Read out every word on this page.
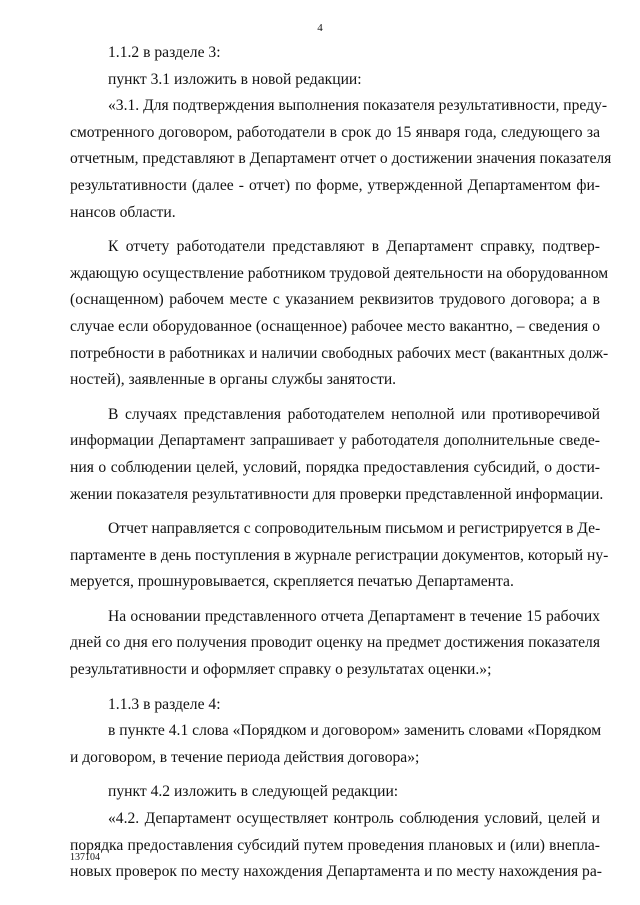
4
1.1.2 в разделе 3:
пункт 3.1 изложить в новой редакции:
«3.1. Для подтверждения выполнения показателя результативности, преду-
смотренного договором, работодатели в срок до 15 января года, следующего за
отчетным, представляют в Департамент отчет о достижении значения показателя
результативности (далее - отчет) по форме, утвержденной Департаментом фи-
нансов области.
К отчету работодатели представляют в Департамент справку, подтвер-
ждающую осуществление работником трудовой деятельности на оборудованном
(оснащенном) рабочем месте с указанием реквизитов трудового договора; а в
случае если оборудованное (оснащенное) рабочее место вакантно, – сведения о
потребности в работниках и наличии свободных рабочих мест (вакантных долж-
ностей), заявленные в органы службы занятости.
В случаях представления работодателем неполной или противоречивой
информации Департамент запрашивает у работодателя дополнительные сведе-
ния о соблюдении целей, условий, порядка предоставления субсидий, о дости-
жении показателя результативности для проверки представленной информации.
Отчет направляется с сопроводительным письмом и регистрируется в Де-
партаменте в день поступления в журнале регистрации документов, который ну-
меруется, прошнуровывается, скрепляется печатью Департамента.
На основании представленного отчета Департамент в течение 15 рабочих
дней со дня его получения проводит оценку на предмет достижения показателя
результативности и оформляет справку о результатах оценки.»;
1.1.3 в разделе 4:
в пункте 4.1 слова «Порядком и договором» заменить словами «Порядком
и договором, в течение периода действия договора»;
пункт 4.2 изложить в следующей редакции:
«4.2. Департамент осуществляет контроль соблюдения условий, целей и
порядка предоставления субсидий путем проведения плановых и (или) внепла-
новых проверок по месту нахождения Департамента и по месту нахождения ра-
137104
